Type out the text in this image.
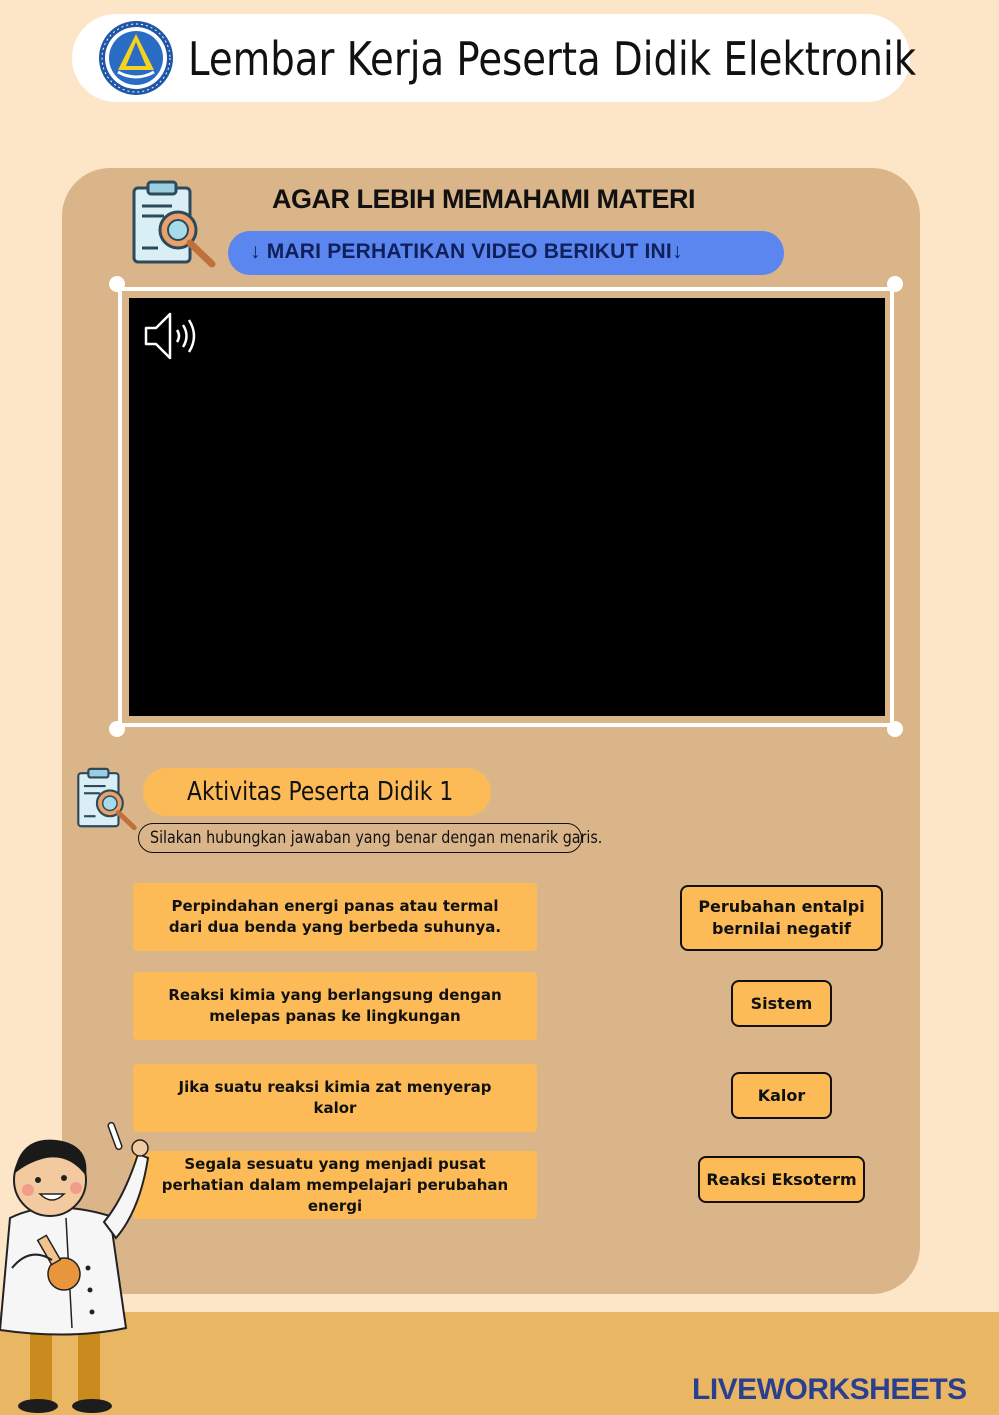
Lembar Kerja Peserta Didik Elektronik
AGAR LEBIH MEMAHAMI MATERI
↓ MARI PERHATIKAN VIDEO BERIKUT INI↓
Aktivitas Peserta Didik 1
Silakan hubungkan jawaban yang benar dengan menarik garis.
Perpindahan energi panas atau termal dari dua benda yang berbeda suhunya.
Reaksi kimia yang berlangsung dengan melepas panas ke lingkungan
Jika suatu reaksi kimia zat menyerap kalor
Segala sesuatu yang menjadi pusat perhatian dalam mempelajari perubahan energi
Perubahan entalpi bernilai negatif
Sistem
Kalor
Reaksi Eksoterm
LIVEWORKSHEETS
